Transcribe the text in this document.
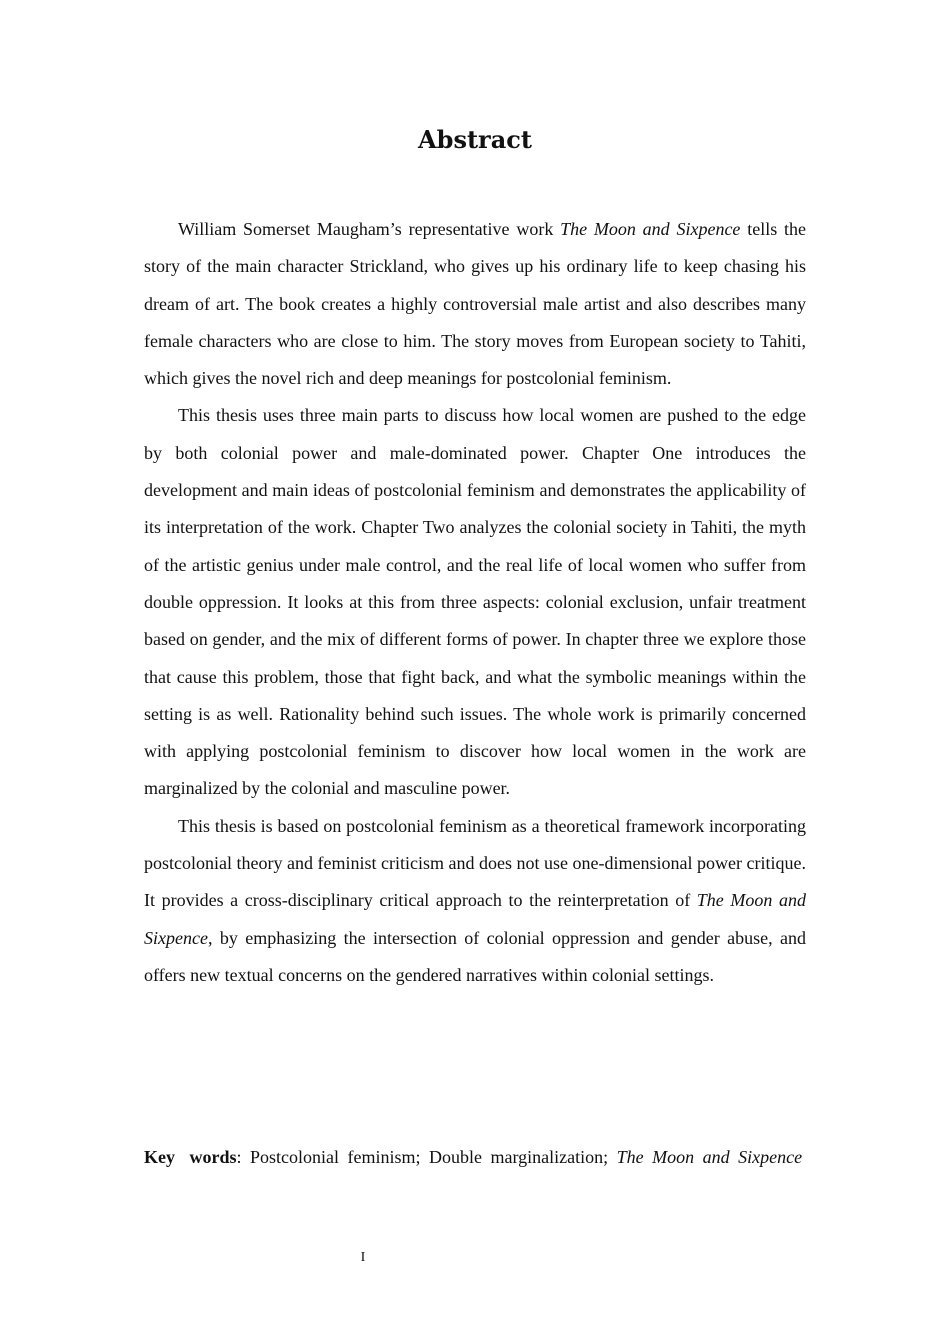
Abstract

William Somerset Maugham’s representative work The Moon and Sixpence tells the story of the main character Strickland, who gives up his ordinary life to keep chasing his dream of art. The book creates a highly controversial male artist and also describes many female characters who are close to him. The story moves from European society to Tahiti, which gives the novel rich and deep meanings for postcolonial feminism.

This thesis uses three main parts to discuss how local women are pushed to the edge by both colonial power and male-dominated power. Chapter One introduces the development and main ideas of postcolonial feminism and demonstrates the applicability of its interpretation of the work. Chapter Two analyzes the colonial society in Tahiti, the myth of the artistic genius under male control, and the real life of local women who suffer from double oppression. It looks at this from three aspects: colonial exclusion, unfair treatment based on gender, and the mix of different forms of power. In chapter three we explore those that cause this problem, those that fight back, and what the symbolic meanings within the setting is as well. Rationality behind such issues. The whole work is primarily concerned with applying postcolonial feminism to discover how local women in the work are marginalized by the colonial and masculine power.

This thesis is based on postcolonial feminism as a theoretical framework incorporating postcolonial theory and feminist criticism and does not use one-dimensional power critique. It provides a cross-disciplinary critical approach to the reinterpretation of The Moon and Sixpence, by emphasizing the intersection of colonial oppression and gender abuse, and offers new textual concerns on the gendered narratives within colonial settings.

Key words: Postcolonial feminism; Double marginalization; The Moon and Sixpence

I
